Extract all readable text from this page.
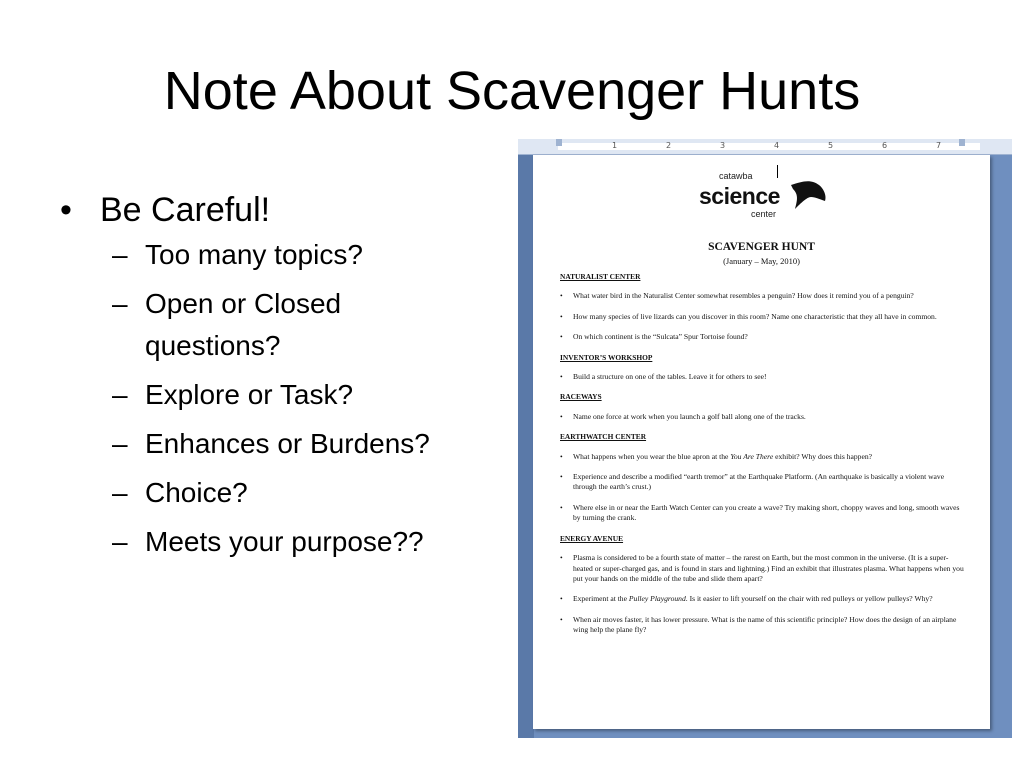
Note About Scavenger Hunts
• Be Careful!
– Too many topics?
– Open or Closed questions?
– Explore or Task?
– Enhances or Burdens?
– Choice?
– Meets your purpose??
1	2	3	4	5	6	7
catawba
science
center
SCAVENGER HUNT
(January – May, 2010)
NATURALIST CENTER
•	What water bird in the Naturalist Center somewhat resembles a penguin? How does it remind you of a penguin?
•	How many species of live lizards can you discover in this room? Name one characteristic that they all have in common.
•	On which continent is the “Sulcata” Spur Tortoise found?
INVENTOR’S WORKSHOP
•	Build a structure on one of the tables. Leave it for others to see!
RACEWAYS
•	Name one force at work when you launch a golf ball along one of the tracks.
EARTHWATCH CENTER
•	What happens when you wear the blue apron at the You Are There exhibit? Why does this happen?
•	Experience and describe a modified “earth tremor” at the Earthquake Platform. (An earthquake is basically a violent wave through the earth’s crust.)
•	Where else in or near the Earth Watch Center can you create a wave? Try making short, choppy waves and long, smooth waves by turning the crank.
ENERGY AVENUE
•	Plasma is considered to be a fourth state of matter – the rarest on Earth, but the most common in the universe. (It is a super-heated or super-charged gas, and is found in stars and lightning.) Find an exhibit that illustrates plasma. What happens when you put your hands on the middle of the tube and slide them apart?
•	Experiment at the Pulley Playground. Is it easier to lift yourself on the chair with red pulleys or yellow pulleys? Why?
•	When air moves faster, it has lower pressure. What is the name of this scientific principle? How does the design of an airplane wing help the plane fly?
